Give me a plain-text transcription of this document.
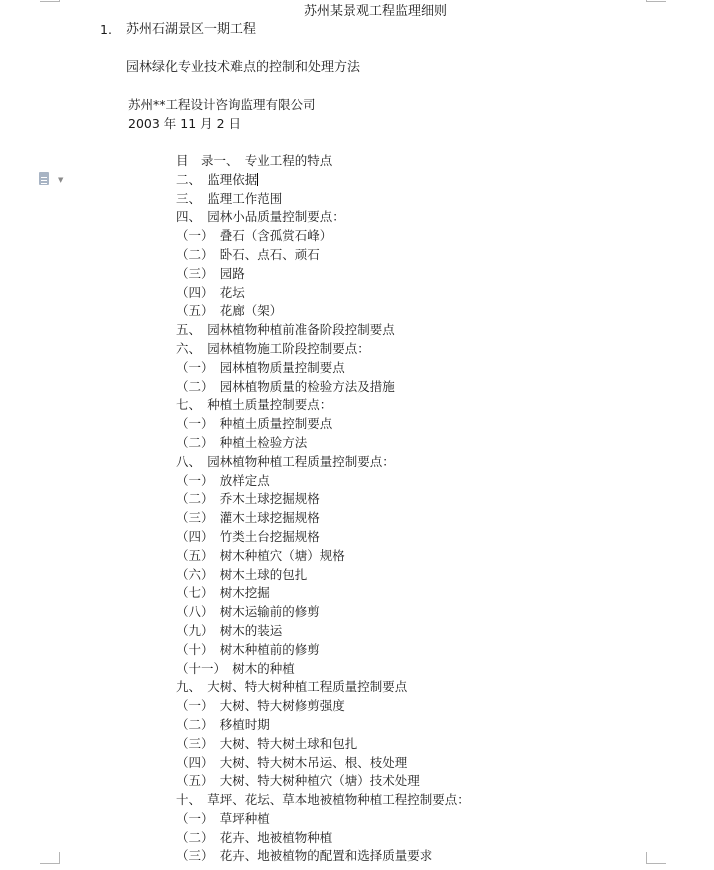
苏州某景观工程监理细则
1. 苏州石湖景区一期工程
园林绿化专业技术难点的控制和处理方法
苏州**工程设计咨询监理有限公司
2003 年 11 月 2 日
▼
目　录一、　专业工程的特点
二、　监理依据
三、　监理工作范围
四、　园林小品质量控制要点：
（一）　叠石（含孤赏石峰）
（二）　卧石、点石、顽石
（三）　园路
（四）　花坛
（五）　花廊（架）
五、　园林植物种植前准备阶段控制要点
六、　园林植物施工阶段控制要点：
（一）　园林植物质量控制要点
（二）　园林植物质量的检验方法及措施
七、　种植土质量控制要点：
（一）　种植土质量控制要点
（二）　种植土检验方法
八、　园林植物种植工程质量控制要点：
（一）　放样定点
（二）　乔木土球挖掘规格
（三）　灌木土球挖掘规格
（四）　竹类土台挖掘规格
（五）　树木种植穴（塘）规格
（六）　树木土球的包扎
（七）　树木挖掘
（八）　树木运输前的修剪
（九）　树木的装运
（十）　树木种植前的修剪
（十一）　树木的种植
九、　大树、特大树种植工程质量控制要点
（一）　大树、特大树修剪强度
（二）　移植时期
（三）　大树、特大树土球和包扎
（四）　大树、特大树木吊运、根、枝处理
（五）　大树、特大树种植穴（塘）技术处理
十、　草坪、花坛、草本地被植物种植工程控制要点：
（一）　草坪种植
（二）　花卉、地被植物种植
（三）　花卉、地被植物的配置和选择质量要求
